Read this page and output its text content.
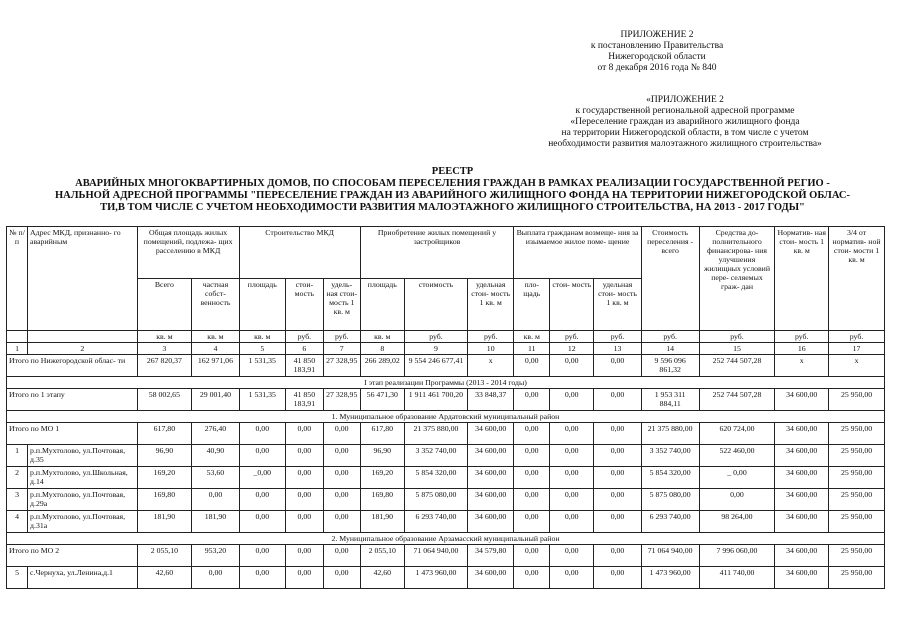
ПРИЛОЖЕНИЕ 2
к постановлению Правительства
Нижегородской области
от 8 декабря 2016 года № 840
«ПРИЛОЖЕНИЕ 2
к государственной региональной адресной программе
«Переселение граждан из аварийного жилищного фонда
на территории Нижегородской области, в том числе с учетом
необходимости развития малоэтажного жилищного строительства»
РЕЕСТР
АВАРИЙНЫХ МНОГОКВАРТИРНЫХ ДОМОВ, ПО СПОСОБАМ ПЕРЕСЕЛЕНИЯ ГРАЖДАН В РАМКАХ РЕАЛИЗАЦИИ ГОСУДАРСТВЕННОЙ РЕГИО -
НАЛЬНОЙ АДРЕСНОЙ ПРОГРАММЫ "ПЕРЕСЕЛЕНИЕ ГРАЖДАН ИЗ АВАРИЙНОГО ЖИЛИЩНОГО ФОНДА НА ТЕРРИТОРИИ НИЖЕГОРОДСКОЙ ОБЛАС-
ТИ,В ТОМ ЧИСЛЕ С УЧЕТОМ НЕОБХОДИМОСТИ РАЗВИТИЯ МАЛОЭТАЖНОГО ЖИЛИЩНОГО СТРОИТЕЛЬСТВА, НА 2013 - 2017 ГОДЫ"
№ п/п	Адрес МКД, признанно- го аварийным	Общая площадь жилых помещений, подлежа- щих расселению в МКД		Строительство МКД			Приобретение жилых помещений у застройщиков			Выплата гражданам возмеще- ния за изымаемое жилое поме- щение			Стоимость переселения - всего	Средства до- полнительного финансирова- ния улучшения жилищных условий пере- селяемых граж- дан	Норматив- ная стои- мость 1 кв. м	3/4 от норматив- ной стои- мости 1 кв. м
		Всего	частная собст- венность	площадь	стои- мость	удель- ная стои- мость 1 кв. м	площадь	стоимость	удельная стои- мость 1 кв. м	пло- щадь	стои- мость	удельная стои- мость 1 кв. м				
		кв. м	кв. м	кв. м	руб.	руб.	кв. м	руб.	руб.	кв. м	руб.	руб.	руб.	руб.	руб.	руб.
1	2	3	4	5	6	7	8	9	10	11	12	13	14	15	16	17
Итого по Нижегородской облас- ти		267 820,37	162 971,06	1 531,35	41 850 183,91	27 328,95	266 289,02	9 554 246 677,41	x	0,00	0,00	0,00	9 596 096 861,32	252 744 507,28	x	x
I этап реализации Программы (2013 - 2014 годы)																
Итого по 1 этапу		58 002,65	29 001,40	1 531,35	41 850 183,91	27 328,95	56 471,30	1 911 461 700,20	33 848,37	0,00	0,00	0,00	1 953 311 884,11	252 744 507,28	34 600,00	25 950,00
1. Муниципальное образование Ардатовский муниципальный район																
Итого по МО 1		617,80	276,40	0,00	0,00	0,00	617,80	21 375 880,00	34 600,00	0,00	0,00	0,00	21 375 880,00	620 724,00	34 600,00	25 950,00
1	р.п.Мухтолово, ул.Почтовая, д.35	96,90	40,90	0,00	0,00	0,00	96,90	3 352 740,00	34 600,00	0,00	0,00	0,00	3 352 740,00	522 460,00	34 600,00	25 950,00
2	р.п.Мухтолово, ул.Школьная, д.14	169,20	53,60	_0,00	0,00	0,00	169,20	5 854 320,00	34 600,00	0,00	0,00	0,00	5 854 320,00	_ 0,00	34 600,00	25 950,00
3	р.п.Мухтолово, ул.Почтовая, д.29а	169,80	0,00	0,00	0,00	0,00	169,80	5 875 080,00	34 600,00	0,00	0,00	0,00	5 875 080,00	0,00	34 600,00	25 950,00
4	р.п.Мухтолово, ул.Почтовая, д.31а	181,90	181,90	0,00	0,00	0,00	181,90	6 293 740,00	34 600,00	0,00	0,00	0,00	6 293 740,00	98 264,00	34 600,00	25 950,00
2. Муниципальное образование Арзамасский муниципальный район																
Итого по МО 2		2 055,10	953,20	0,00	0,00	0,00	2 055,10	71 064 940,00	34 579,80	0,00	0,00	0,00	71 064 940,00	7 996 060,00	34 600,00	25 950,00
5	с.Чернуха, ул.Ленина,д.1	42,60	0,00	0,00	0,00	0,00	42,60	1 473 960,00	34 600,00	0,00	0,00	0,00	1 473 960,00	411 740,00	34 600,00	25 950,00
